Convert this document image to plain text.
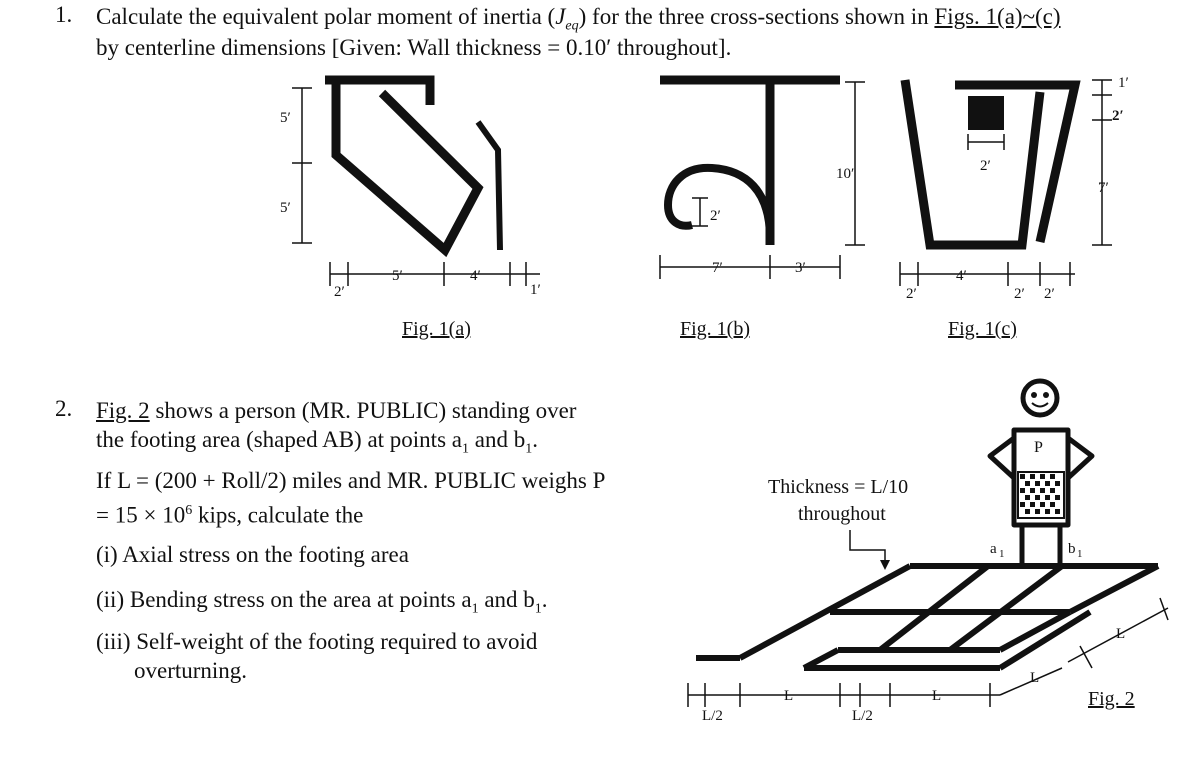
1. Calculate the equivalent polar moment of inertia $(J_{eq})$ for the three cross-sections shown in Figs. 1(a)~(c)
by centerline dimensions [Given: Wall thickness = 0.10′ throughout].
5′
5′
2′
5′	4′
1′
Fig. 1(a)
2′
10′
7′	3′
Fig. 1(b)
2′
1′
2′
7′
2′
4′
2′ 2′
Fig. 1(c)
2. Fig. 2 shows a person (MR. PUBLIC) standing over
the footing area (shaped AB) at points $a_1$ and $b_1$.
If L = (200 + Roll/2) miles and MR. PUBLIC weighs P
= $15 \times 10^6$ kips, calculate the
(i) Axial stress on the footing area
(ii) Bending stress on the area at points $a_1$ and $b_1$.
(iii) Self-weight of the footing required to avoid
overturning.
Thickness = L/10
throughout
P
a 1	b 1
L/2
L
L/2
L
L
L
Fig. 2
